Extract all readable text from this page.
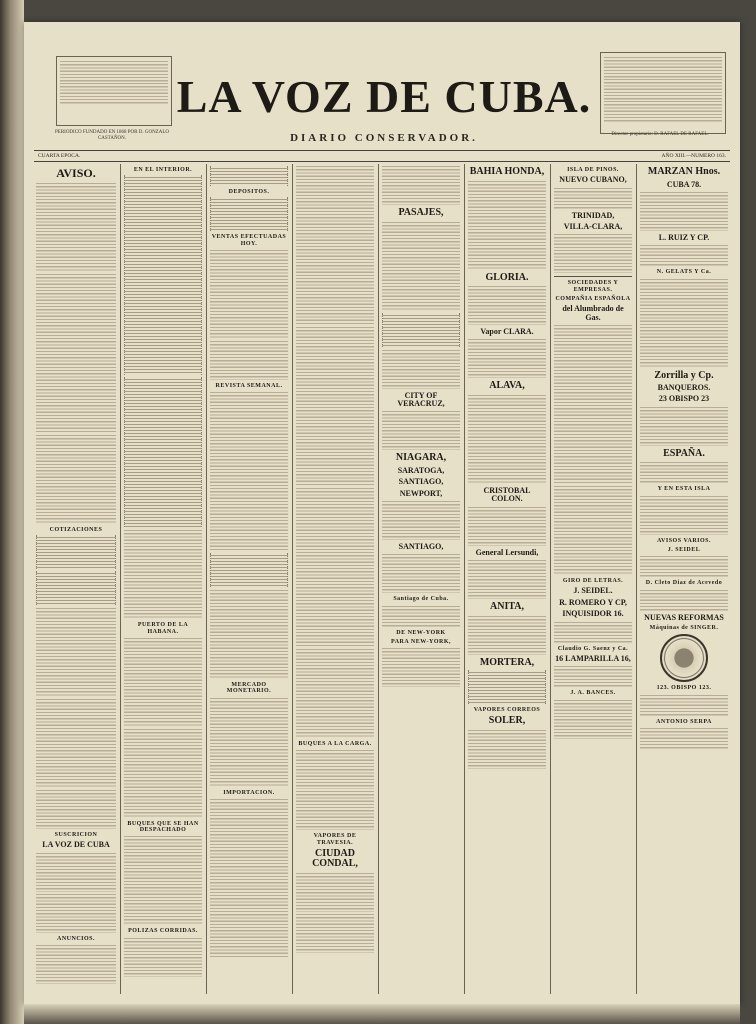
LA VOZ DE CUBA.
DIARIO CONSERVADOR.
PERIODICO FUNDADO EN 1868 POR D. GONZALO CASTAÑON.
Director-propietario: D. RAFAEL DE RAFAEL.
CUARTA EPOCA.	AÑO XIII.—NUMERO 163.
AVISO.
COTIZACIONES
SUSCRICION
LA VOZ DE CUBA
ANUNCIOS.
EN EL INTERIOR.
PUERTO DE LA HABANA.
BUQUES QUE SE HAN DESPACHADO
POLIZAS CORRIDAS.
DEPOSITOS.
VENTAS EFECTUADAS HOY.
REVISTA SEMANAL.
MERCADO MONETARIO.
IMPORTACION.
BUQUES A LA CARGA.
VAPORES DE TRAVESIA.
CIUDAD CONDAL,
PASAJES,
CITY OF VERACRUZ,
NIAGARA,
SARATOGA,
SANTIAGO,
NEWPORT,
SANTIAGO,
Santiago de Cuba.
DE NEW-YORK
PARA NEW-YORK,
BAHIA HONDA,
GLORIA.
Vapor CLARA.
ALAVA,
CRISTOBAL COLON.
General Lersundi,
ANITA,
MORTERA,
VAPORES CORREOS
SOLER,
ISLA DE PINOS.
NUEVO CUBANO,
TRINIDAD,
VILLA-CLARA,
SOCIEDADES Y EMPRESAS.
COMPAÑIA ESPAÑOLA
del Alumbrado de Gas.
GIRO DE LETRAS.
J. SEIDEL.
R. ROMERO Y CP,
INQUISIDOR 16.
Claudio G. Saenz y Ca.
16 LAMPARILLA 16,
J. A. BANCES.
MARZAN Hnos.
CUBA 78.
L. RUIZ Y CP.
N. GELATS Y Ca.
Zorrilla y Cp.
BANQUEROS.
23 OBISPO 23
ESPAÑA.
Y EN ESTA ISLA
AVISOS VARIOS.
J. SEIDEL
D. Cleto Diaz de Acevedo
NUEVAS REFORMAS
Máquinas de SINGER.
123. OBISPO 123.
ANTONIO SERPA
